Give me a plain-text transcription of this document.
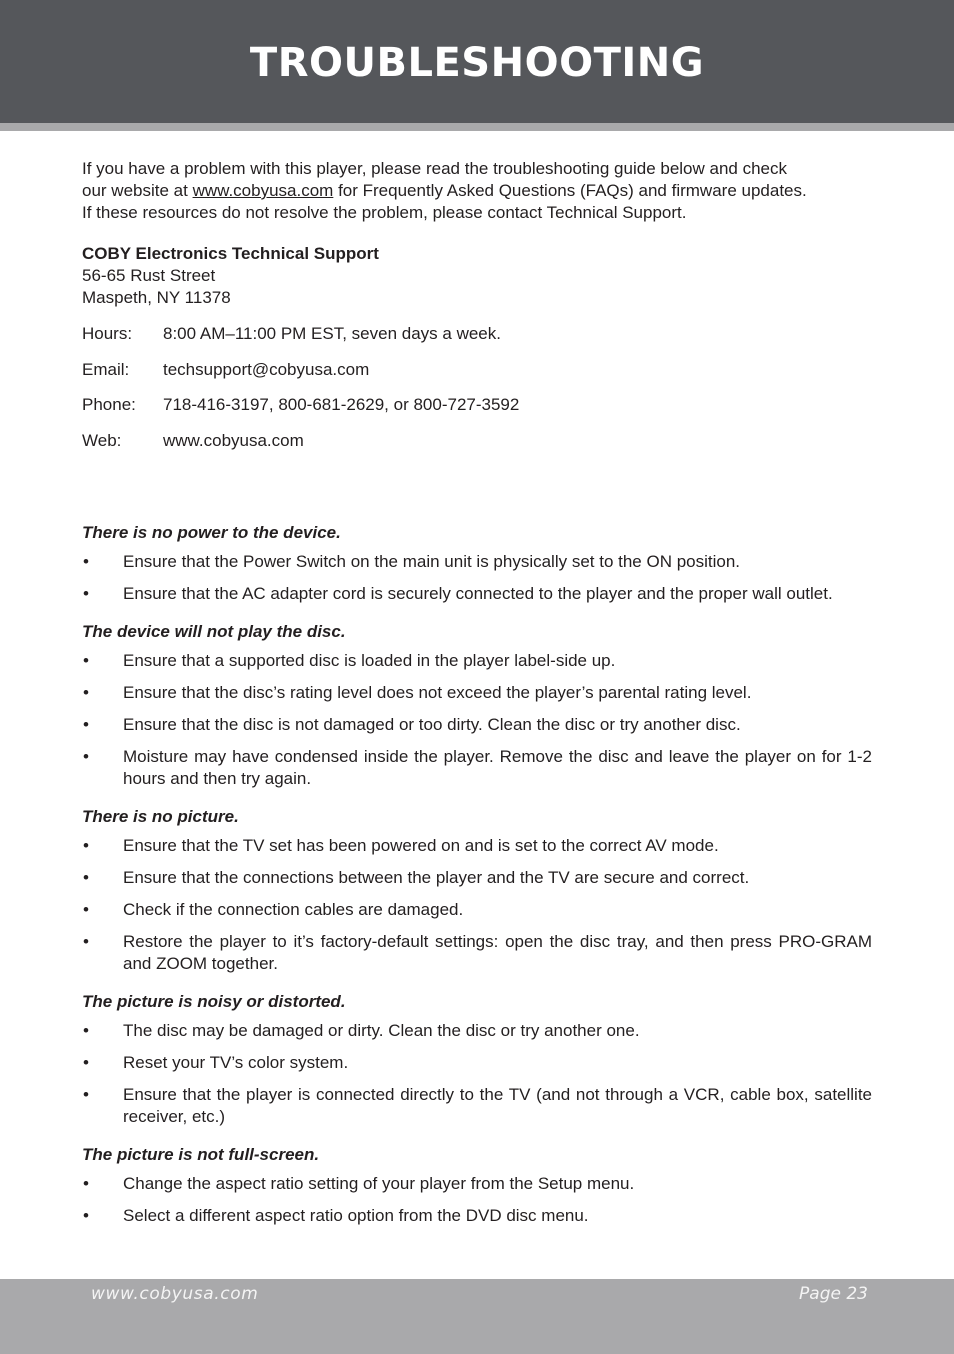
TROUBLESHOOTING

If you have a problem with this player, please read the troubleshooting guide below and check

our website at www.cobyusa.com for Frequently Asked Questions (FAQs) and firmware updates.

If these resources do not resolve the problem, please contact Technical Support.

COBY Electronics Technical Support

56-65 Rust Street

Maspeth, NY 11378

Hours:	8:00 AM–11:00 PM EST, seven days a week.
Email:	techsupport@cobyusa.com
Phone:	718-416-3197, 800-681-2629, or 800-727-3592
Web:	www.cobyusa.com

There is no power to the device.

•	Ensure that the Power Switch on the main unit is physically set to the ON position.
•	Ensure that the AC adapter cord is securely connected to the player and the proper wall outlet.

The device will not play the disc.

•	Ensure that a supported disc is loaded in the player label-side up.
•	Ensure that the disc’s rating level does not exceed the player’s parental rating level.
•	Ensure that the disc is not damaged or too dirty. Clean the disc or try another disc.
•	Moisture may have condensed inside the player. Remove the disc and leave the player on for 1-2 hours and then try again.

There is no picture.

•	Ensure that the TV set has been powered on and is set to the correct AV mode.
•	Ensure that the connections between the player and the TV are secure and correct.
•	Check if the connection cables are damaged.
•	Restore the player to it’s factory-default settings: open the disc tray, and then press PRO-GRAM and ZOOM together.

The picture is noisy or distorted.

•	The disc may be damaged or dirty. Clean the disc or try another one.
•	Reset your TV’s color system.
•	Ensure that the player is connected directly to the TV (and not through a VCR, cable box, satellite receiver, etc.)

The picture is not full-screen.

•	Change the aspect ratio setting of your player from the Setup menu.
•	Select a different aspect ratio option from the DVD disc menu.
www.cobyusa.com	Page 23
